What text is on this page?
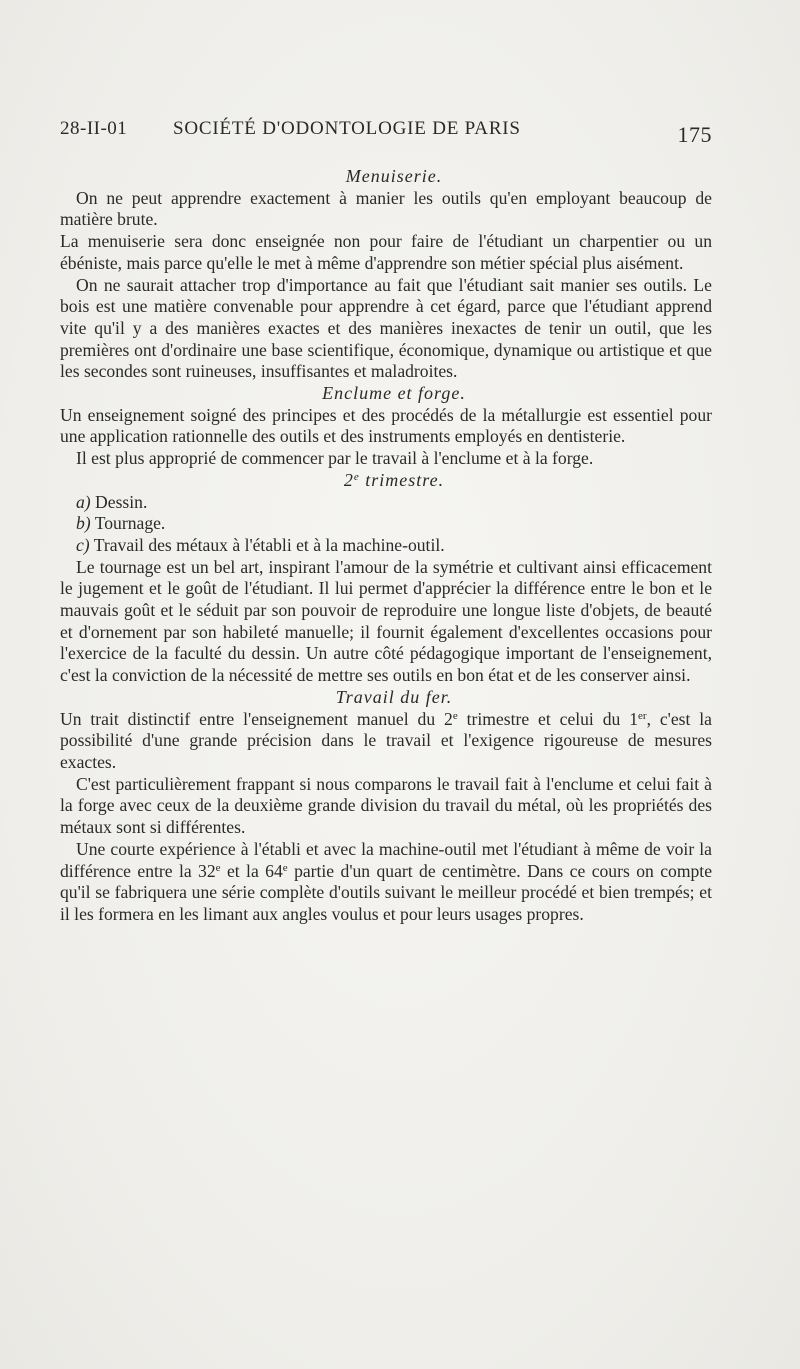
28-II-01 SOCIÉTÉ D'ODONTOLOGIE DE PARIS	175

Menuiserie.

On ne peut apprendre exactement à manier les outils qu'en employant beaucoup de matière brute.

La menuiserie sera donc enseignée non pour faire de l'étudiant un charpentier ou un ébéniste, mais parce qu'elle le met à même d'apprendre son métier spécial plus aisément.

On ne saurait attacher trop d'importance au fait que l'étudiant sait manier ses outils. Le bois est une matière convenable pour apprendre à cet égard, parce que l'étudiant apprend vite qu'il y a des manières exactes et des manières inexactes de tenir un outil, que les premières ont d'ordinaire une base scientifique, économique, dynamique ou artistique et que les secondes sont ruineuses, insuffisantes et maladroites.

Enclume et forge.

Un enseignement soigné des principes et des procédés de la métallurgie est essentiel pour une application rationnelle des outils et des instruments employés en dentisterie.

Il est plus approprié de commencer par le travail à l'enclume et à la forge.

2e trimestre.

a) Dessin.

b) Tournage.

c) Travail des métaux à l'établi et à la machine-outil.

Le tournage est un bel art, inspirant l'amour de la symétrie et cultivant ainsi efficacement le jugement et le goût de l'étudiant. Il lui permet d'apprécier la différence entre le bon et le mauvais goût et le séduit par son pouvoir de reproduire une longue liste d'objets, de beauté et d'ornement par son habileté manuelle; il fournit également d'excellentes occasions pour l'exercice de la faculté du dessin. Un autre côté pédagogique important de l'enseignement, c'est la conviction de la nécessité de mettre ses outils en bon état et de les conserver ainsi.

Travail du fer.

Un trait distinctif entre l'enseignement manuel du 2e trimestre et celui du 1er, c'est la possibilité d'une grande précision dans le travail et l'exigence rigoureuse de mesures exactes.

C'est particulièrement frappant si nous comparons le travail fait à l'enclume et celui fait à la forge avec ceux de la deuxième grande division du travail du métal, où les propriétés des métaux sont si différentes.

Une courte expérience à l'établi et avec la machine-outil met l'étudiant à même de voir la différence entre la 32e et la 64e partie d'un quart de centimètre. Dans ce cours on compte qu'il se fabriquera une série complète d'outils suivant le meilleur procédé et bien trempés; et il les formera en les limant aux angles voulus et pour leurs usages propres.
